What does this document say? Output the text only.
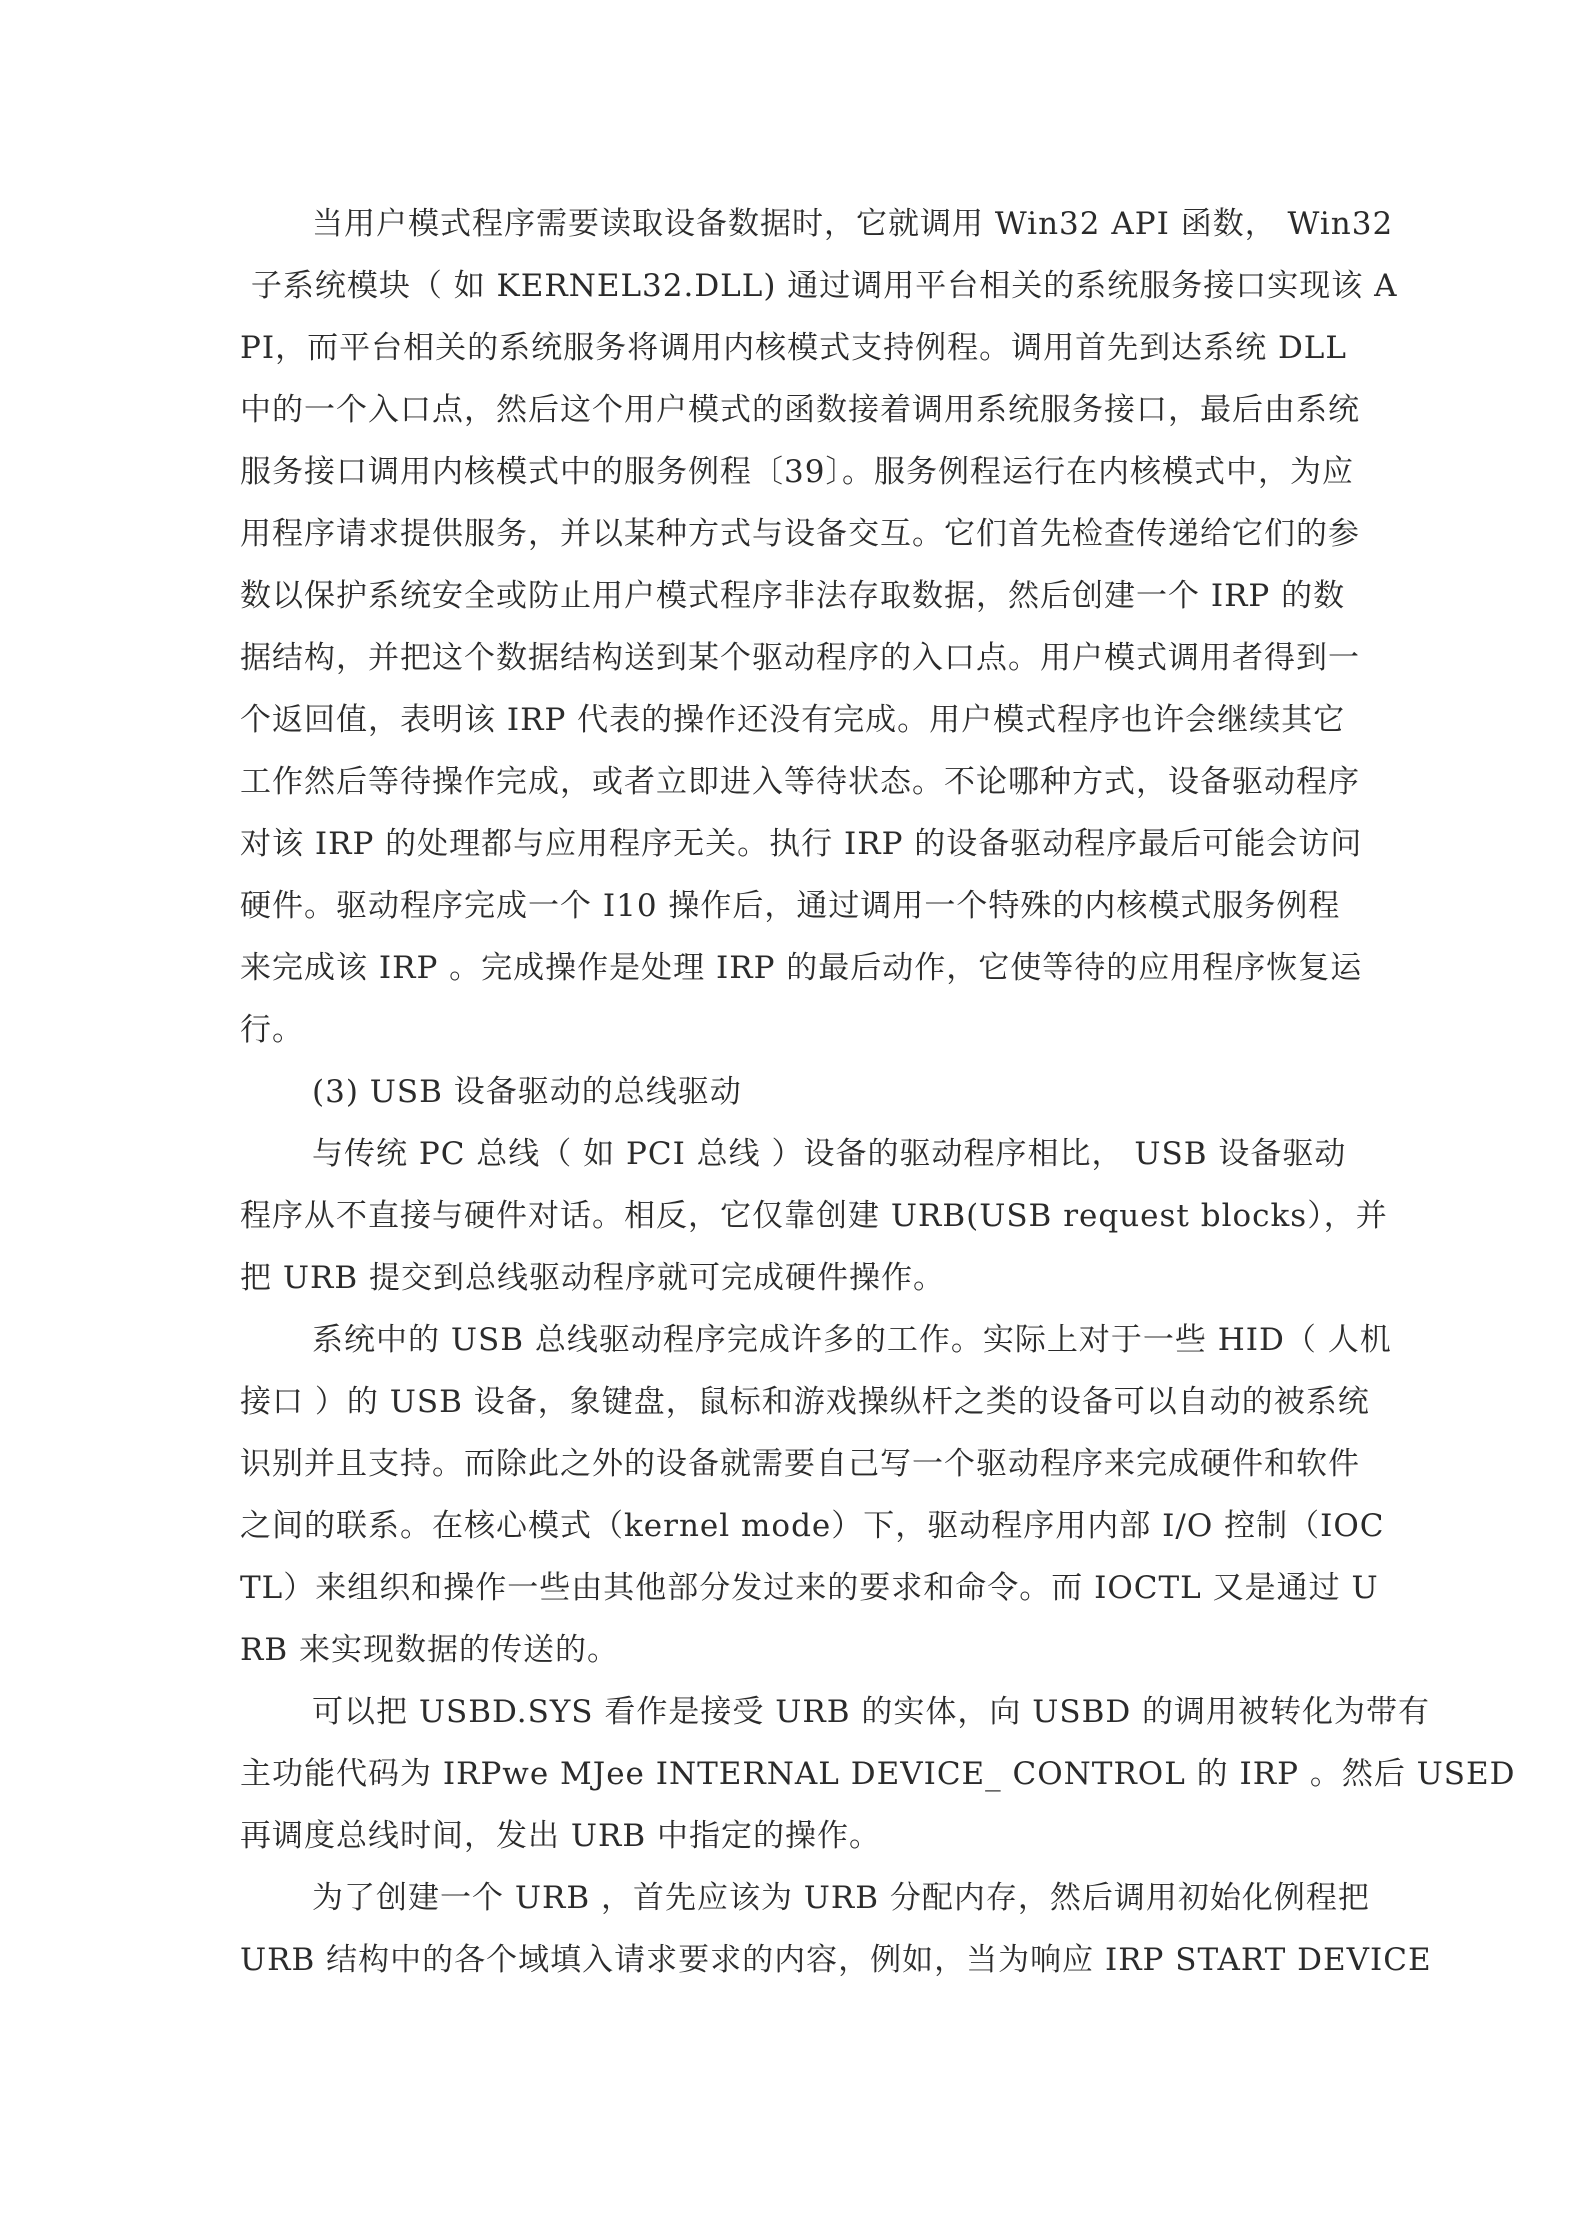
当用户模式程序需要读取设备数据时，它就调用 Win32 API 函数， Win32
子系统模块（ 如 KERNEL32.DLL) 通过调用平台相关的系统服务接口实现该 A
PI，而平台相关的系统服务将调用内核模式支持例程。调用首先到达系统 DLL
中的一个入口点，然后这个用户模式的函数接着调用系统服务接口，最后由系统
服务接口调用内核模式中的服务例程〔39〕。服务例程运行在内核模式中，为应
用程序请求提供服务，并以某种方式与设备交互。它们首先检查传递给它们的参
数以保护系统安全或防止用户模式程序非法存取数据，然后创建一个 IRP 的数
据结构，并把这个数据结构送到某个驱动程序的入口点。用户模式调用者得到一
个返回值，表明该 IRP 代表的操作还没有完成。用户模式程序也许会继续其它
工作然后等待操作完成，或者立即进入等待状态。不论哪种方式，设备驱动程序
对该 IRP 的处理都与应用程序无关。执行 IRP 的设备驱动程序最后可能会访问
硬件。驱动程序完成一个 I10 操作后，通过调用一个特殊的内核模式服务例程
来完成该 IRP 。完成操作是处理 IRP 的最后动作，它使等待的应用程序恢复运
行。
(3) USB 设备驱动的总线驱动
与传统 PC 总线（ 如 PCI 总线 ）设备的驱动程序相比， USB 设备驱动
程序从不直接与硬件对话。相反，它仅靠创建 URB(USB request blocks），并
把 URB 提交到总线驱动程序就可完成硬件操作。
系统中的 USB 总线驱动程序完成许多的工作。实际上对于一些 HID（ 人机
接口 ）的 USB 设备，象键盘，鼠标和游戏操纵杆之类的设备可以自动的被系统
识别并且支持。而除此之外的设备就需要自己写一个驱动程序来完成硬件和软件
之间的联系。在核心模式（kernel mode）下，驱动程序用内部 I/O 控制（IOC
TL）来组织和操作一些由其他部分发过来的要求和命令。而 IOCTL 又是通过 U
RB 来实现数据的传送的。
可以把 USBD.SYS 看作是接受 URB 的实体，向 USBD 的调用被转化为带有
主功能代码为 IRPwe MJee INTERNAL DEVICE_ CONTROL 的 IRP 。然后 USED
再调度总线时间，发出 URB 中指定的操作。
为了创建一个 URB ，首先应该为 URB 分配内存，然后调用初始化例程把
URB 结构中的各个域填入请求要求的内容，例如，当为响应 IRP START DEVICE
